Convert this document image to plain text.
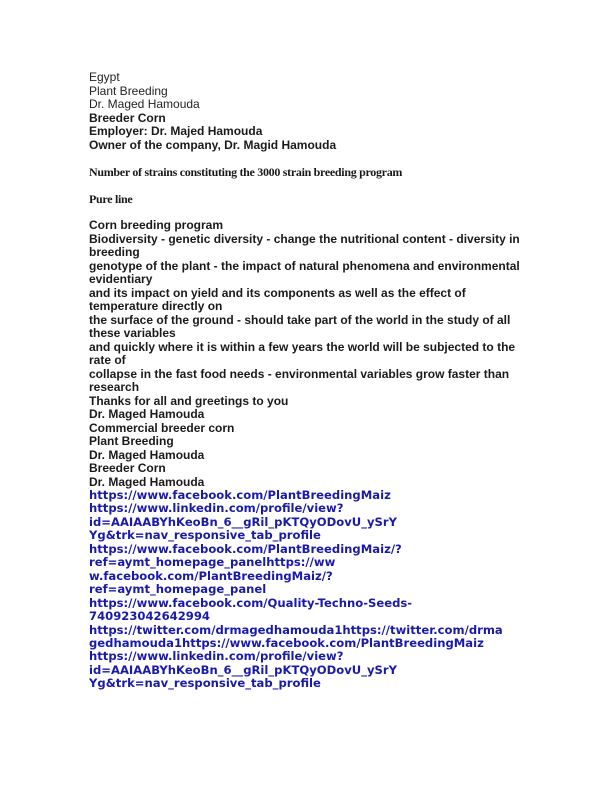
Egypt
Plant Breeding
Dr. Maged Hamouda
Breeder Corn
Employer: Dr. Majed Hamouda
Owner of the company, Dr. Magid Hamouda
Number of strains constituting the 3000 strain breeding program
Pure line
Corn breeding program
Biodiversity - genetic diversity - change the nutritional content - diversity in
breeding
genotype of the plant - the impact of natural phenomena and environmental
evidentiary
and its impact on yield and its components as well as the effect of
temperature directly on
the surface of the ground - should take part of the world in the study of all
these variables
and quickly where it is within a few years the world will be subjected to the
rate of
collapse in the fast food needs - environmental variables grow faster than
research
Thanks for all and greetings to you
Dr. Maged Hamouda
Commercial breeder corn
Plant Breeding
Dr. Maged Hamouda
Breeder Corn
Dr. Maged Hamouda
https://www.facebook.com/PlantBreedingMaiz
https://www.linkedin.com/profile/view?
id=AAIAABYhKeoBn_6__gRil_pKTQyODovU_ySrY
Yg&trk=nav_responsive_tab_profile
https://www.facebook.com/PlantBreedingMaiz/?
ref=aymt_homepage_panelhttps://ww
w.facebook.com/PlantBreedingMaiz/?
ref=aymt_homepage_panel
https://www.facebook.com/Quality-Techno-Seeds-
740923042642994
https://twitter.com/drmagedhamouda1https://twitter.com/drma
gedhamouda1https://www.facebook.com/PlantBreedingMaiz
https://www.linkedin.com/profile/view?
id=AAIAABYhKeoBn_6__gRil_pKTQyODovU_ySrY
Yg&trk=nav_responsive_tab_profile
